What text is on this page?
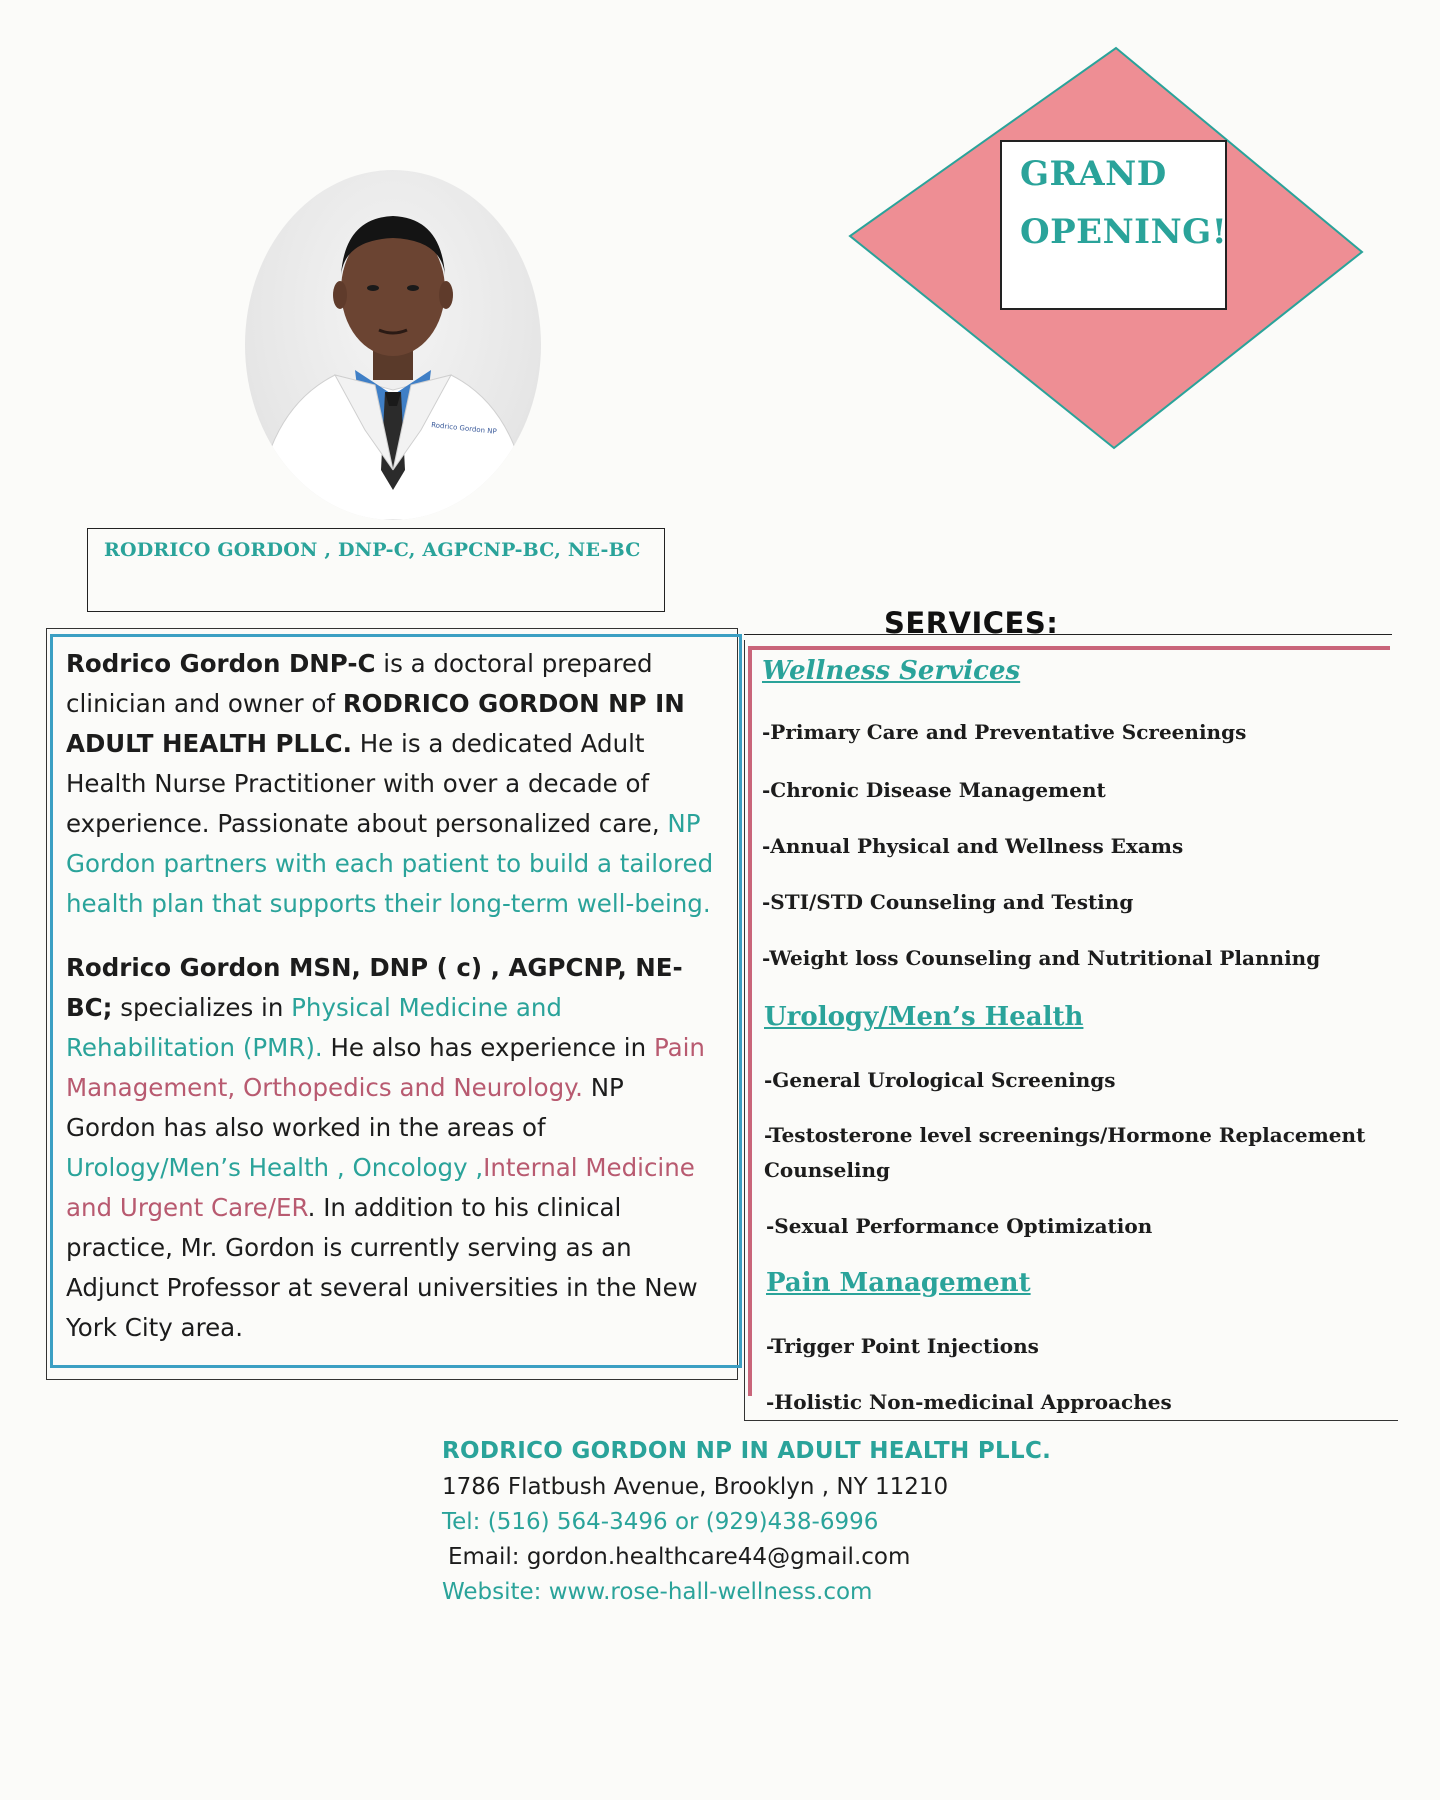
Rodrico Gordon NP
GRAND
OPENING!
RODRICO GORDON , DNP-C, AGPCNP-BC, NE-BC

Rodrico Gordon DNP-C is a doctoral prepared clinician and owner of RODRICO GORDON NP IN ADULT HEALTH PLLC. He is a dedicated Adult Health Nurse Practitioner with over a decade of experience. Passionate about personalized care, NP Gordon partners with each patient to build a tailored health plan that supports their long-term well-being.

Rodrico Gordon MSN, DNP ( c) , AGPCNP, NE-BC; specializes in Physical Medicine and Rehabilitation (PMR). He also has experience in Pain Management, Orthopedics and Neurology. NP Gordon has also worked in the areas of Urology/Men’s Health , Oncology ,Internal Medicine and Urgent Care/ER. In addition to his clinical practice, Mr. Gordon is currently serving as an Adjunct Professor at several universities in the New York City area.

SERVICES:
Wellness Services
-Primary Care and Preventative Screenings
-Chronic Disease Management
-Annual Physical and Wellness Exams
-STI/STD Counseling and Testing
-Weight loss Counseling and Nutritional Planning
Urology/Men’s Health
-General Urological Screenings
-Testosterone level screenings/Hormone Replacement Counseling
-Sexual Performance Optimization
Pain Management
-Trigger Point Injections
-Holistic Non-medicinal Approaches
RODRICO GORDON NP IN ADULT HEALTH PLLC.
1786 Flatbush Avenue, Brooklyn , NY 11210
Tel: (516) 564-3496 or (929)438-6996
Email: gordon.healthcare44@gmail.com
Website: www.rose-hall-wellness.com
